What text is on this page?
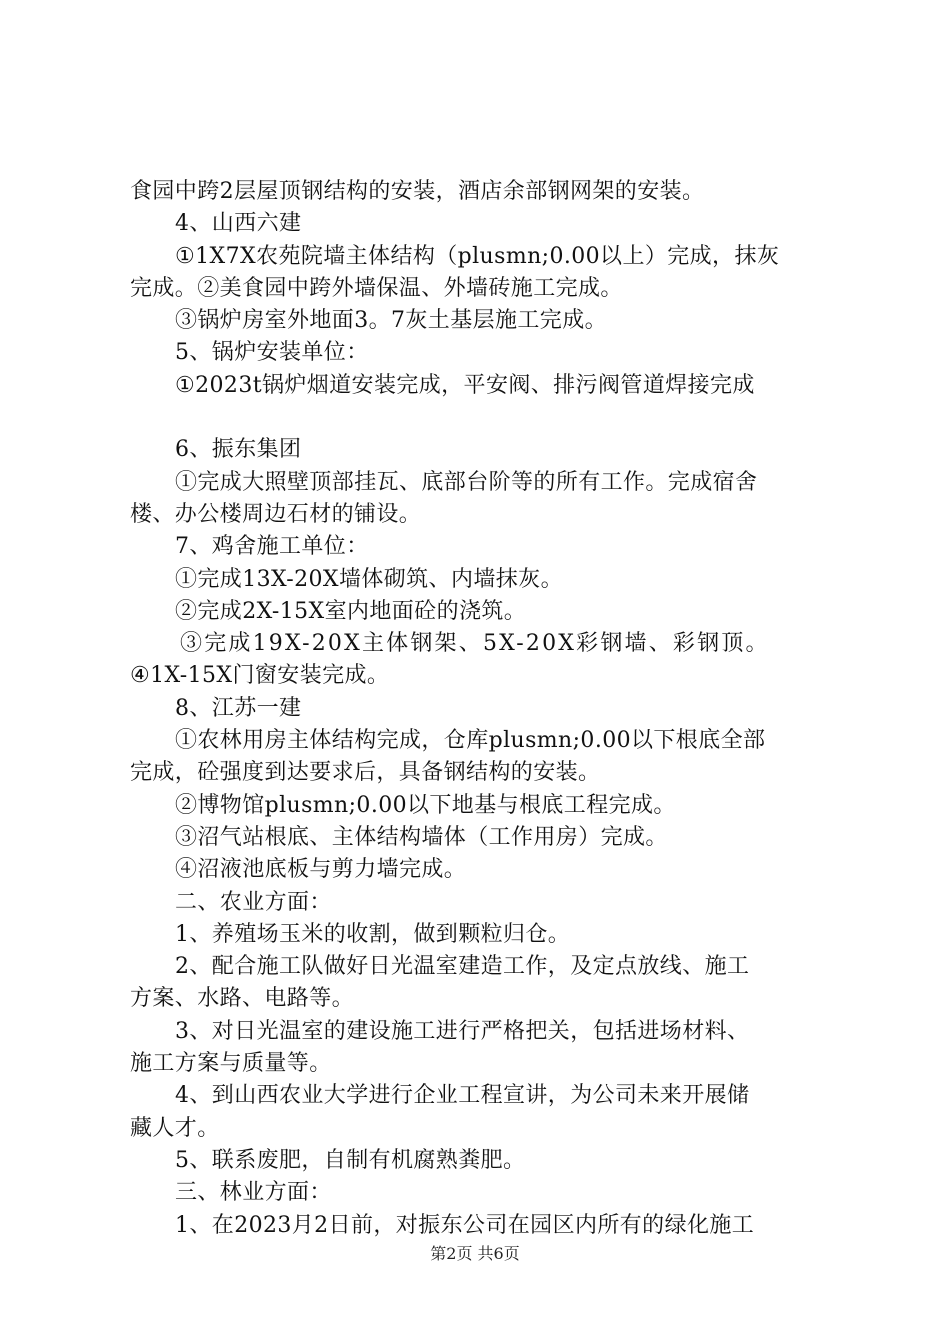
食园中跨2层屋顶钢结构的安装，酒店余部钢网架的安装。
4、山西六建
①1X7X农苑院墙主体结构（plusmn;0.00以上）完成，抹灰
完成。②美食园中跨外墙保温、外墙砖施工完成。
③锅炉房室外地面3。7灰土基层施工完成。
5、锅炉安装单位：
①2023t锅炉烟道安装完成，平安阀、排污阀管道焊接完成
6、振东集团
①完成大照壁顶部挂瓦、底部台阶等的所有工作。完成宿舍
楼、办公楼周边石材的铺设。
7、鸡舍施工单位：
①完成13X-20X墙体砌筑、内墙抹灰。
②完成2X-15X室内地面砼的浇筑。
③完成19X-20X主体钢架、5X-20X彩钢墙、彩钢顶。
④1X-15X门窗安装完成。
8、江苏一建
①农林用房主体结构完成，仓库plusmn;0.00以下根底全部
完成，砼强度到达要求后，具备钢结构的安装。
②博物馆plusmn;0.00以下地基与根底工程完成。
③沼气站根底、主体结构墙体（工作用房）完成。
④沼液池底板与剪力墙完成。
二、农业方面：
1、养殖场玉米的收割，做到颗粒归仓。
2、配合施工队做好日光温室建造工作，及定点放线、施工
方案、水路、电路等。
3、对日光温室的建设施工进行严格把关，包括进场材料、
施工方案与质量等。
4、到山西农业大学进行企业工程宣讲，为公司未来开展储
藏人才。
5、联系废肥，自制有机腐熟粪肥。
三、林业方面：
1、在2023月2日前，对振东公司在园区内所有的绿化施工
第2页 共6页
